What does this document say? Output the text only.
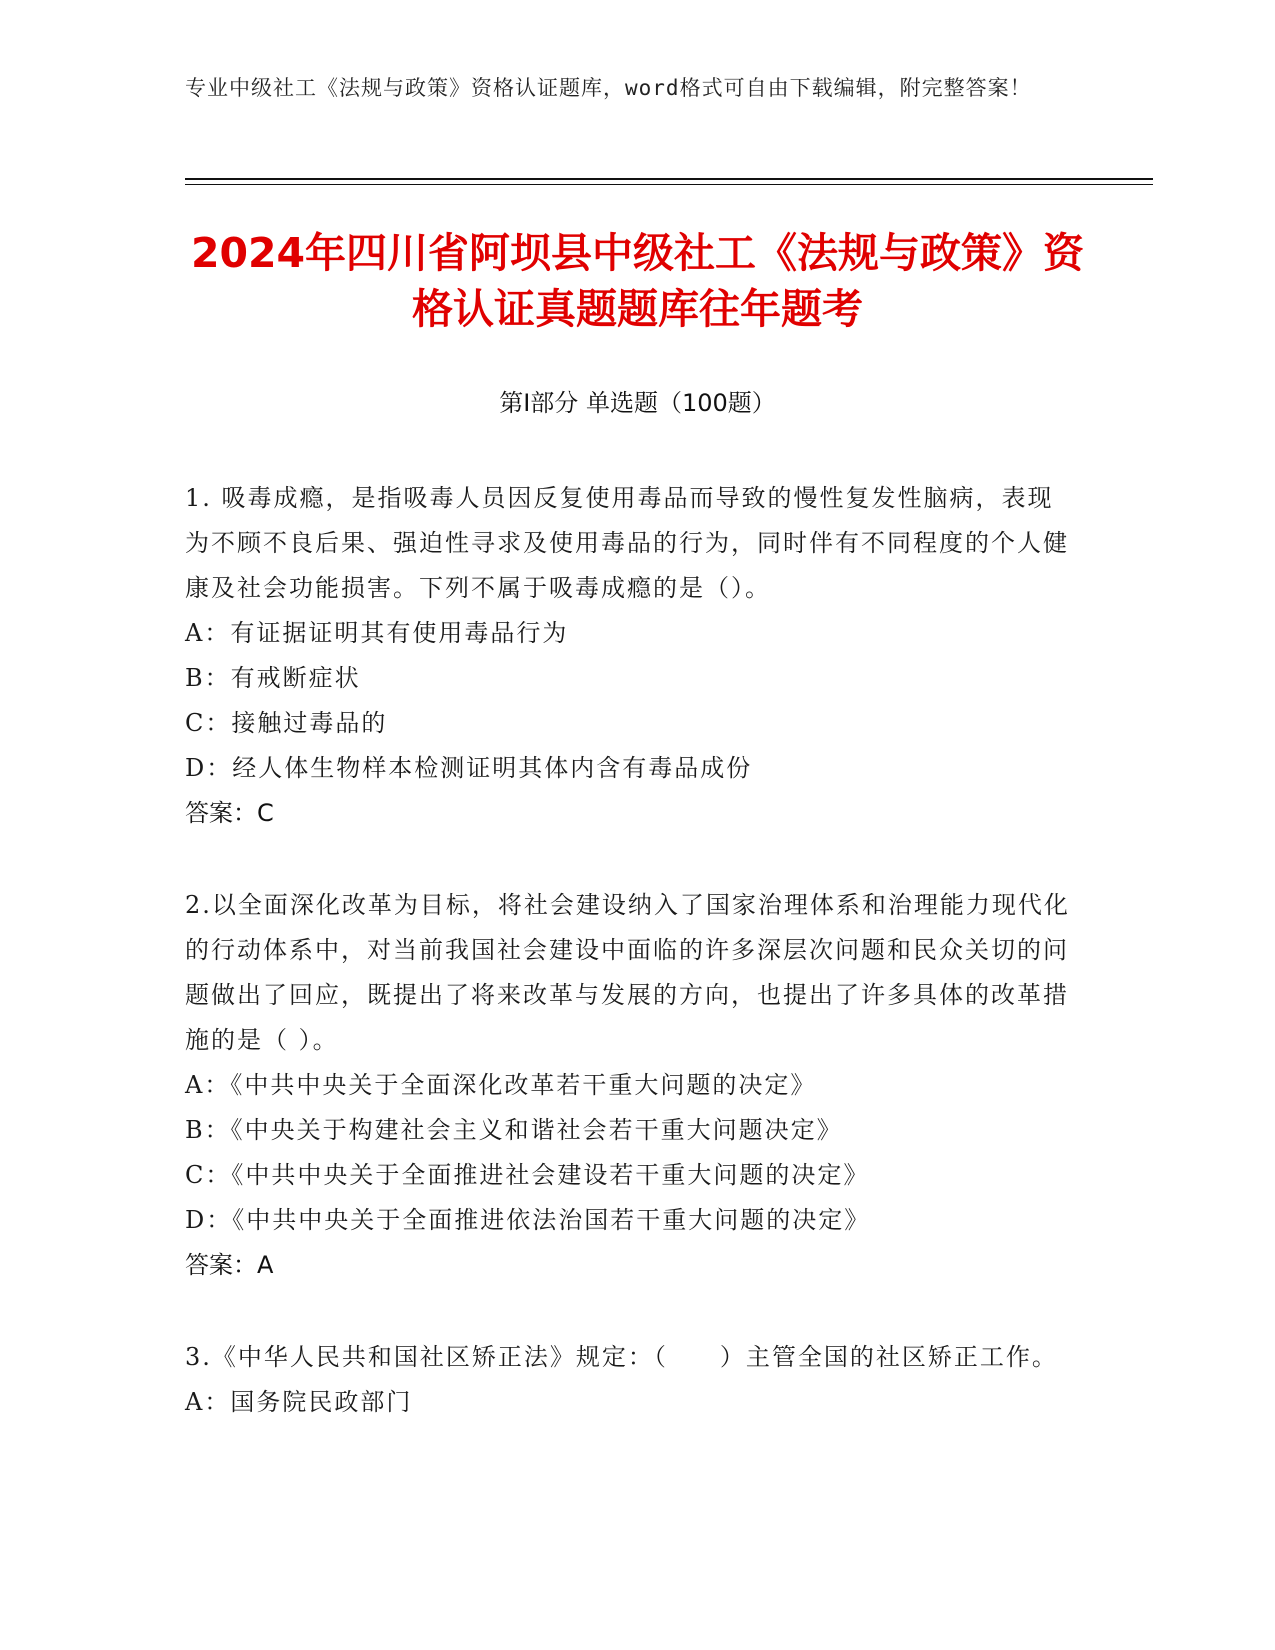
专业中级社工《法规与政策》资格认证题库，word格式可自由下载编辑，附完整答案！
2024年四川省阿坝县中级社工《法规与政策》资格认证真题题库往年题考
第Ⅰ部分 单选题（100题）

1. 吸毒成瘾，是指吸毒人员因反复使用毒品而导致的慢性复发性脑病，表现为不顾不良后果、强迫性寻求及使用毒品的行为，同时伴有不同程度的个人健康及社会功能损害。下列不属于吸毒成瘾的是（）。

A：有证据证明其有使用毒品行为

B：有戒断症状

C：接触过毒品的

D：经人体生物样本检测证明其体内含有毒品成份

答案：C

2.以全面深化改革为目标，将社会建设纳入了国家治理体系和治理能力现代化的行动体系中，对当前我国社会建设中面临的许多深层次问题和民众关切的问题做出了回应，既提出了将来改革与发展的方向，也提出了许多具体的改革措施的是（ ）。

A：《中共中央关于全面深化改革若干重大问题的决定》

B：《中央关于构建社会主义和谐社会若干重大问题决定》

C：《中共中央关于全面推进社会建设若干重大问题的决定》

D：《中共中央关于全面推进依法治国若干重大问题的决定》

答案：A

3.《中华人民共和国社区矫正法》规定：（　　）主管全国的社区矫正工作。

A：国务院民政部门
